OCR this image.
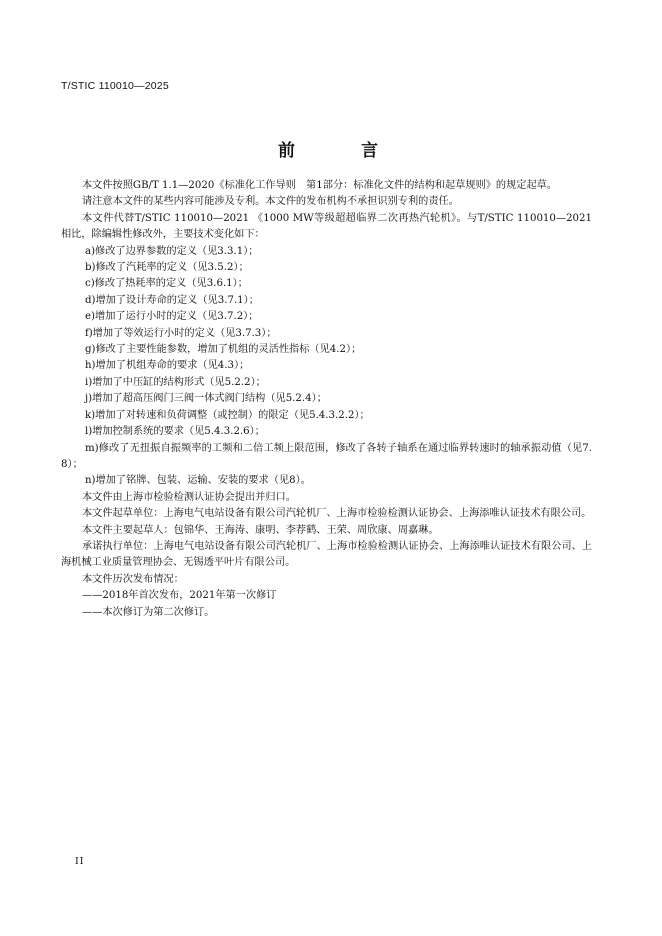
T/STIC 110010—2025
前 言

本文件按照GB/T 1.1—2020《标准化工作导则　第1部分：标准化文件的结构和起草规则》的规定起草。

请注意本文件的某些内容可能涉及专利。本文件的发布机构不承担识别专利的责任。

本文件代替T/STIC 110010—2021 《1000 MW等级超超临界二次再热汽轮机》。与T/STIC 110010—2021相比，除编辑性修改外，主要技术变化如下：

a)修改了边界参数的定义（见3.3.1）；

b)修改了汽耗率的定义（见3.5.2）；

c)修改了热耗率的定义（见3.6.1）；

d)增加了设计寿命的定义（见3.7.1）；

e)增加了运行小时的定义（见3.7.2）；

f)增加了等效运行小时的定义（见3.7.3）；

g)修改了主要性能参数，增加了机组的灵活性指标（见4.2）；

h)增加了机组寿命的要求（见4.3）；

i)增加了中压缸的结构形式（见5.2.2）；

j)增加了超高压阀门三阀一体式阀门结构（见5.2.4）；

k)增加了对转速和负荷调整（或控制）的限定（见5.4.3.2.2）；

l)增加控制系统的要求（见5.4.3.2.6）；

m)修改了无扭振自振频率的工频和二倍工频上限范围，修改了各转子轴系在通过临界转速时的轴承振动值（见7.8）；

n)增加了铭牌、包装、运输、安装的要求（见8）。

本文件由上海市检验检测认证协会提出并归口。

本文件起草单位：上海电气电站设备有限公司汽轮机厂、上海市检验检测认证协会、上海添唯认证技术有限公司。

本文件主要起草人：包锦华、王海涛、康明、李荐鹤、王荣、周欣康、周嘉琳。

承诺执行单位：上海电气电站设备有限公司汽轮机厂、上海市检验检测认证协会、上海添唯认证技术有限公司、上海机械工业质量管理协会、无锡透平叶片有限公司。

本文件历次发布情况：

——2018年首次发布，2021年第一次修订

——本次修订为第二次修订。

II
